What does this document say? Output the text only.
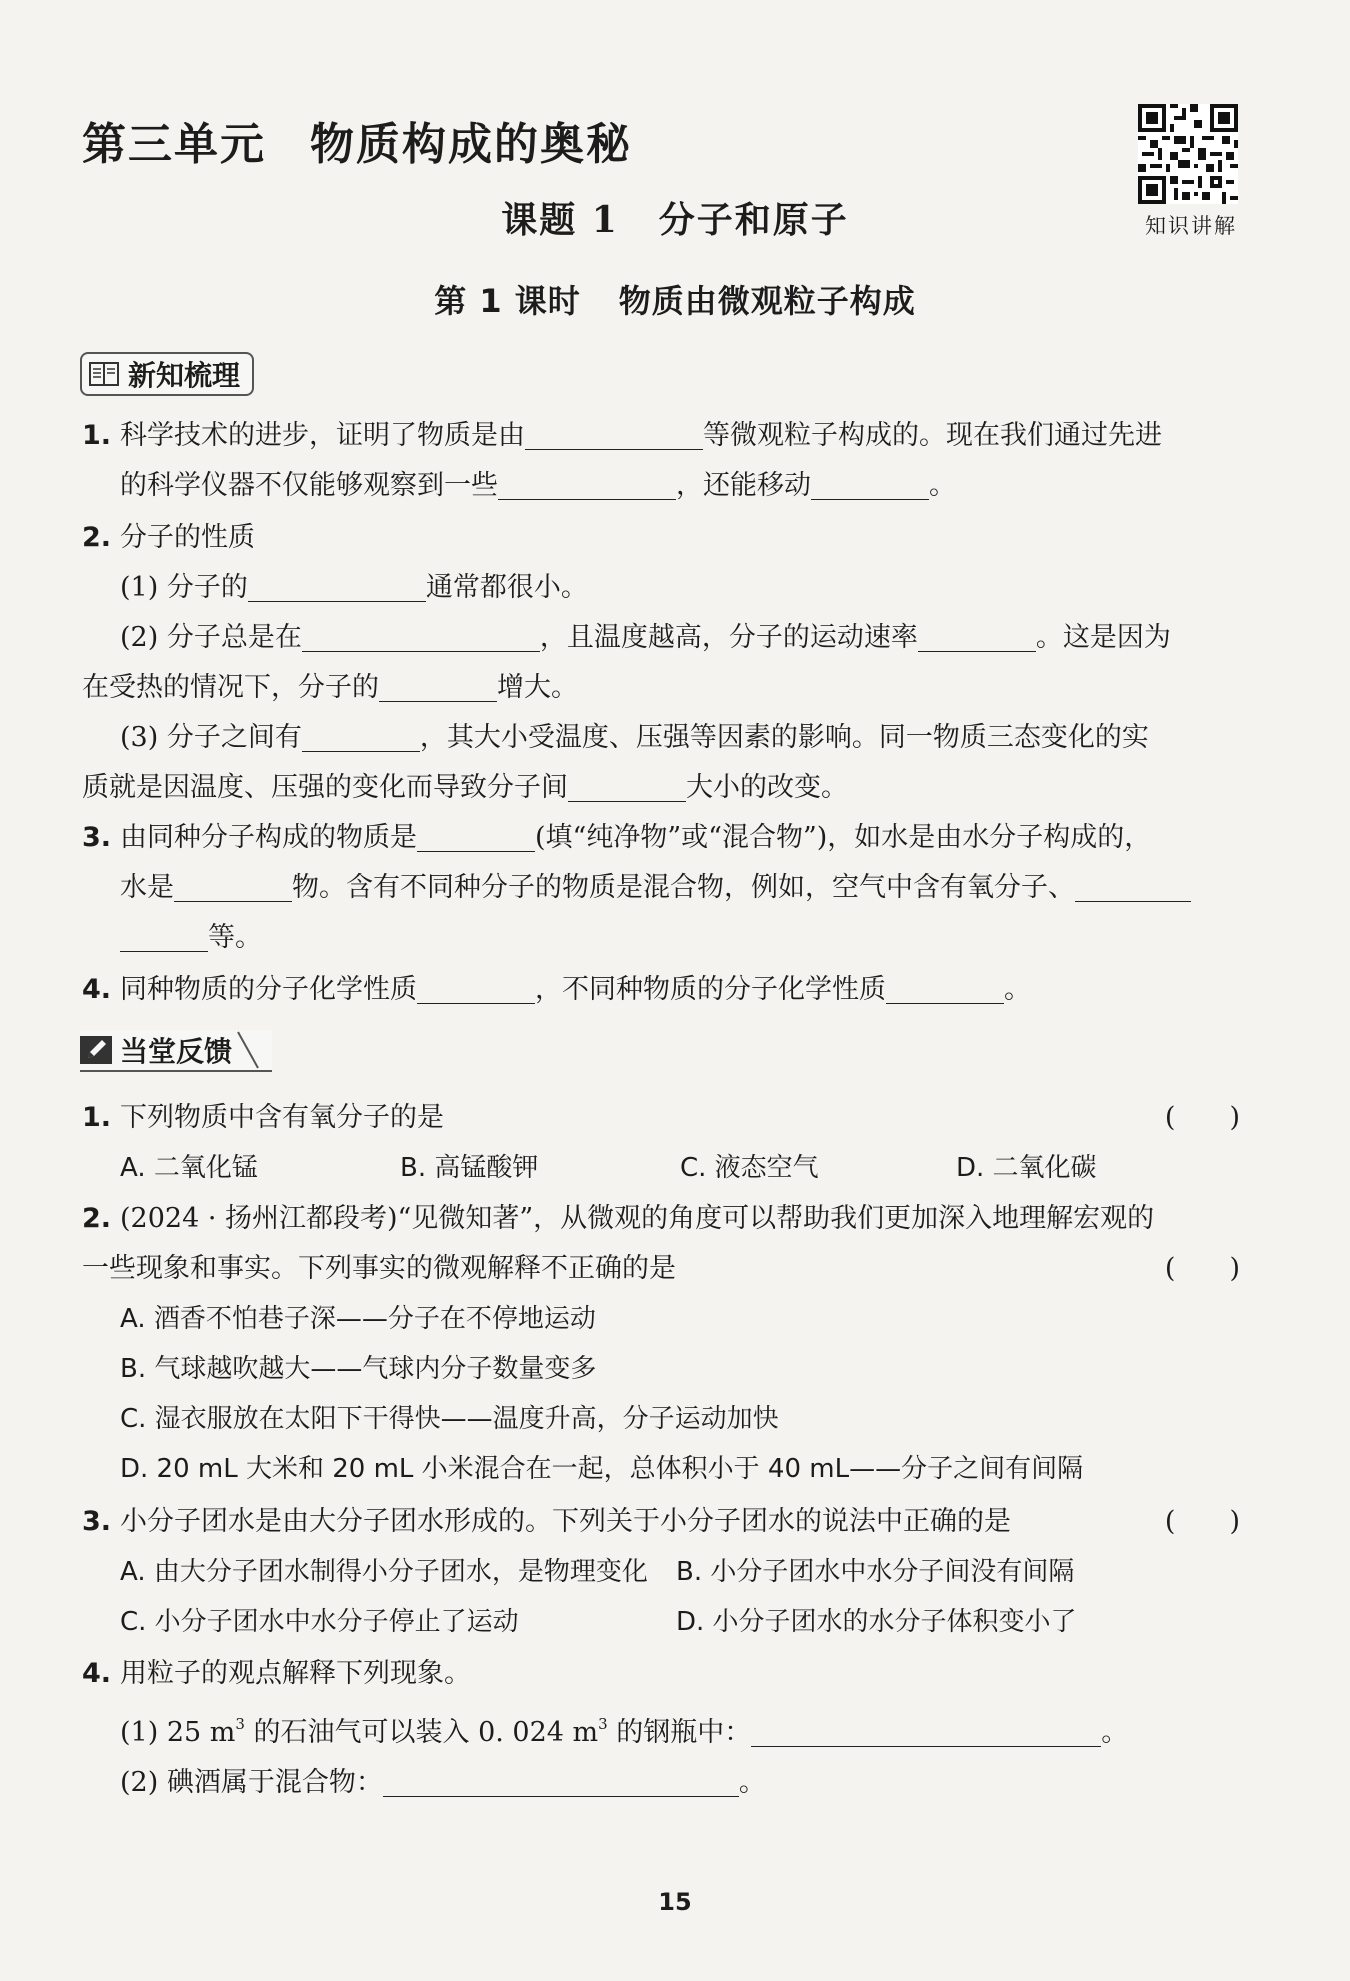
第三单元 物质构成的奥秘
知识讲解
课题 1 分子和原子
第 1 课时 物质由微观粒子构成
新知梳理
1. 科学技术的进步，证明了物质是由	等微观粒子构成的。现在我们通过先进
的科学仪器不仅能够观察到一些	，还能移动	。
2. 分子的性质
(1) 分子的	通常都很小。
(2) 分子总是在	，且温度越高，分子的运动速率	。这是因为
在受热的情况下，分子的	增大。
(3) 分子之间有	，其大小受温度、压强等因素的影响。同一物质三态变化的实
质就是因温度、压强的变化而导致分子间	大小的改变。
3. 由同种分子构成的物质是	(填“纯净物”或“混合物”)，如水是由水分子构成的，
水是	物。含有不同种分子的物质是混合物，例如，空气中含有氧分子、
等。
4. 同种物质的分子化学性质	，不同种物质的分子化学性质	。
当堂反馈
1.	(　　)
下列物质中含有氧分子的是
A. 二氧化锰	B. 高锰酸钾	C. 液态空气	D. 二氧化碳
2.
(　　)
(2024 · 扬州江都段考)“见微知著”，从微观的角度可以帮助我们更加深入地理解宏观的
一些现象和事实。下列事实的微观解释不正确的是
A. 酒香不怕巷子深——分子在不停地运动
B. 气球越吹越大——气球内分子数量变多
C. 湿衣服放在太阳下干得快——温度升高，分子运动加快
D. 20 mL 大米和 20 mL 小米混合在一起，总体积小于 40 mL——分子之间有间隔
3.	(　　)
小分子团水是由大分子团水形成的。下列关于小分子团水的说法中正确的是
A. 由大分子团水制得小分子团水，是物理变化	B. 小分子团水中水分子间没有间隔
C. 小分子团水中水分子停止了运动	D. 小分子团水的水分子体积变小了
4. 用粒子的观点解释下列现象。
(1) 25 $m^3$ 的石油气可以装入 0. 024 $m^3$ 的钢瓶中：	。
(2) 碘酒属于混合物：	。
15
